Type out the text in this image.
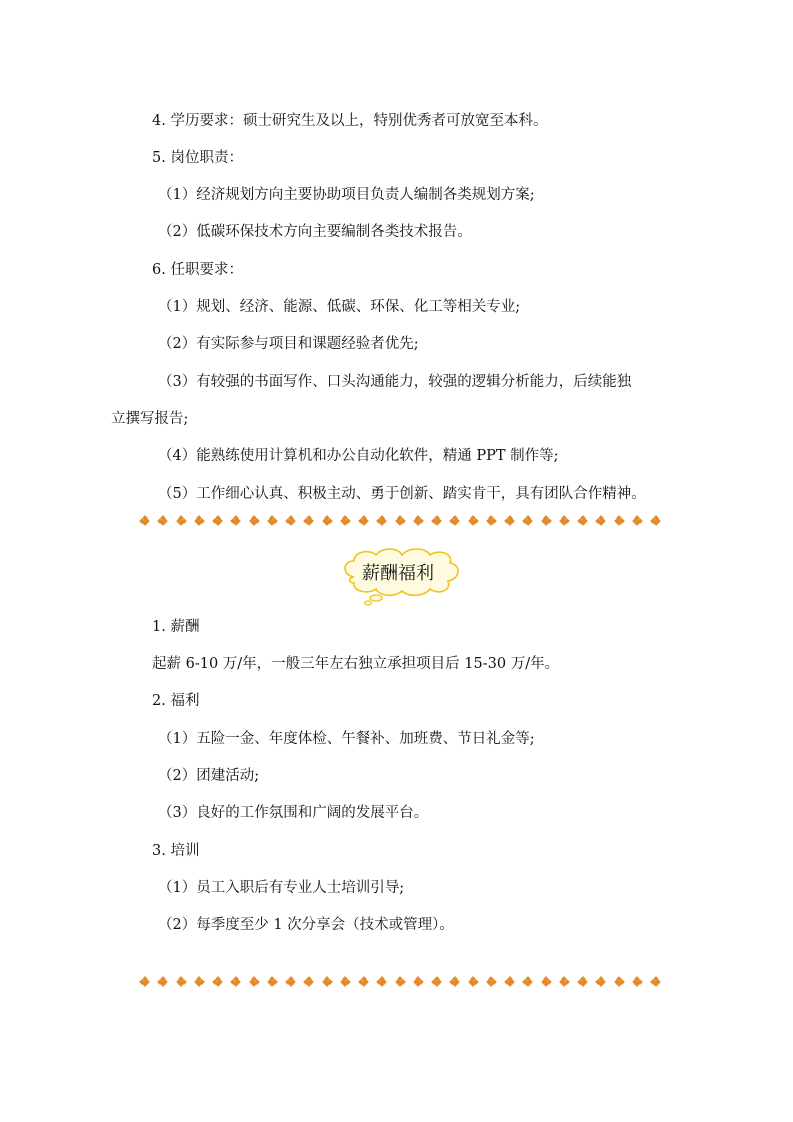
4. 学历要求：硕士研究生及以上，特别优秀者可放宽至本科。
5. 岗位职责：
（1）经济规划方向主要协助项目负责人编制各类规划方案;
（2）低碳环保技术方向主要编制各类技术报告。
6. 任职要求：
（1）规划、经济、能源、低碳、环保、化工等相关专业;
（2）有实际参与项目和课题经验者优先;
（3）有较强的书面写作、口头沟通能力，较强的逻辑分析能力，后续能独
立撰写报告;
（4）能熟练使用计算机和办公自动化软件，精通 PPT 制作等;
（5）工作细心认真、积极主动、勇于创新、踏实肯干，具有团队合作精神。
薪酬福利
1. 薪酬
起薪 6-10 万/年，一般三年左右独立承担项目后 15-30 万/年。
2. 福利
（1）五险一金、年度体检、午餐补、加班费、节日礼金等;
（2）团建活动;
（3）良好的工作氛围和广阔的发展平台。
3. 培训
（1）员工入职后有专业人士培训引导;
（2）每季度至少 1 次分享会（技术或管理）。
